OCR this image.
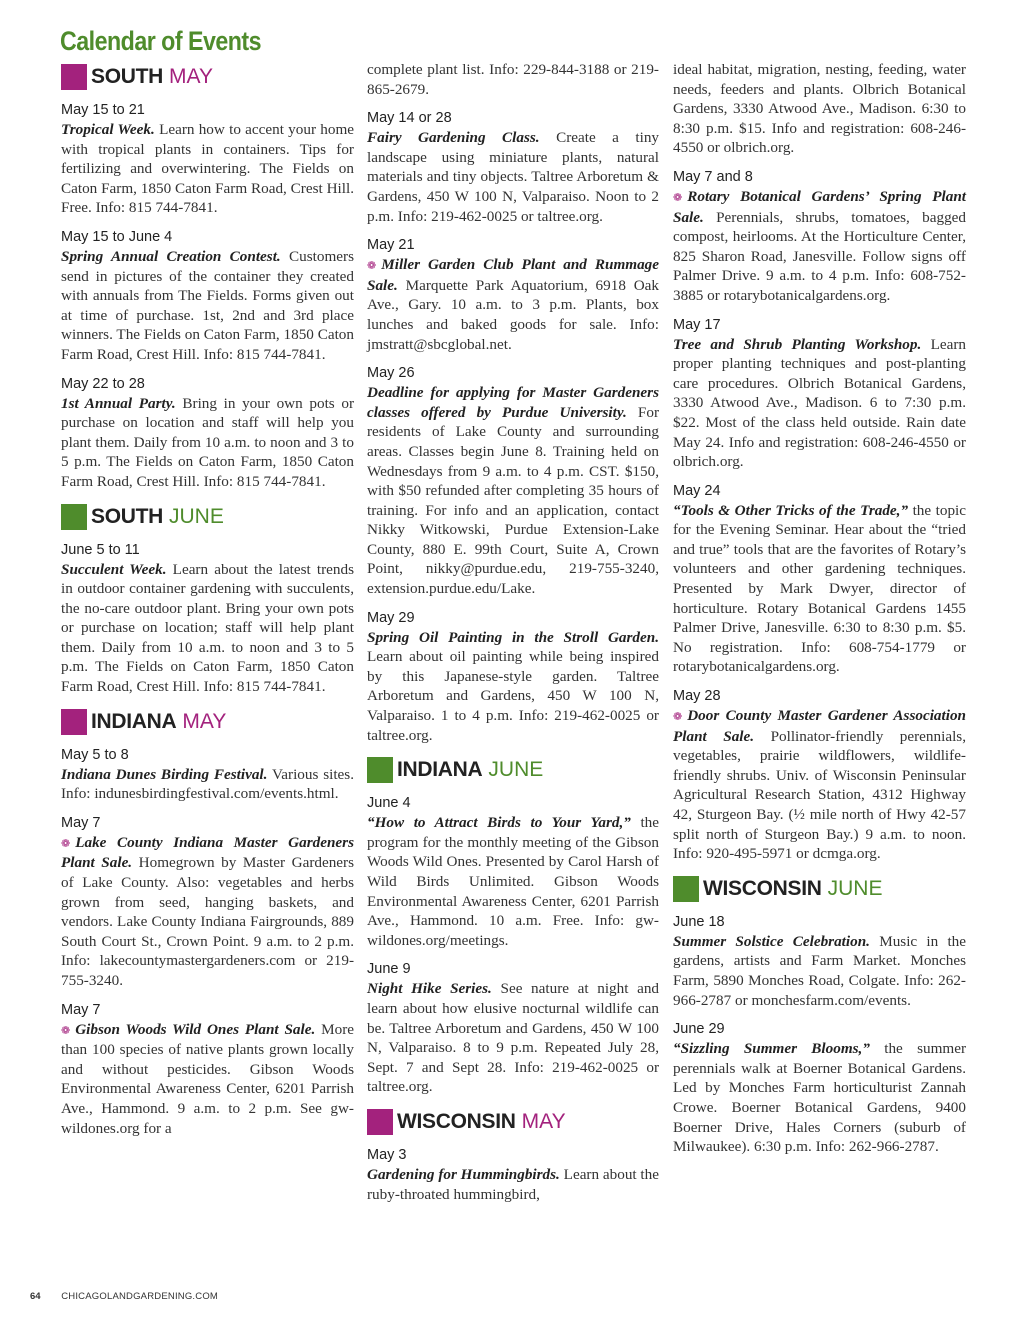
Calendar of Events
SOUTH MAY
May 15 to 21
Tropical Week. Learn how to accent your home with tropical plants in containers. Tips for fertilizing and overwintering. The Fields on Caton Farm, 1850 Caton Farm Road, Crest Hill. Free. Info: 815 744-7841.
May 15 to June 4
Spring Annual Creation Contest. Customers send in pictures of the container they created with annuals from The Fields. Forms given out at time of purchase. 1st, 2nd and 3rd place winners. The Fields on Caton Farm, 1850 Caton Farm Road, Crest Hill. Info: 815 744-7841.
May 22 to 28
1st Annual Party. Bring in your own pots or purchase on location and staff will help you plant them. Daily from 10 a.m. to noon and 3 to 5 p.m. The Fields on Caton Farm, 1850 Caton Farm Road, Crest Hill. Info: 815 744-7841.
SOUTH JUNE
June 5 to 11
Succulent Week. Learn about the latest trends in outdoor container gardening with succulents, the no-care outdoor plant. Bring your own pots or purchase on location; staff will help plant them. Daily from 10 a.m. to noon and 3 to 5 p.m. The Fields on Caton Farm, 1850 Caton Farm Road, Crest Hill. Info: 815 744-7841.
INDIANA MAY
May 5 to 8
Indiana Dunes Birding Festival. Various sites. Info: indunesbirdingfestival.com/events.html.
May 7
❁ Lake County Indiana Master Gardeners Plant Sale. Homegrown by Master Gardeners of Lake County. Also: vegetables and herbs grown from seed, hanging baskets, and vendors. Lake County Indiana Fairgrounds, 889 South Court St., Crown Point. 9 a.m. to 2 p.m. Info: lakecountymastergardeners.com or 219-755-3240.
May 7
❁ Gibson Woods Wild Ones Plant Sale. More than 100 species of native plants grown locally and without pesticides. Gibson Woods Environmental Awareness Center, 6201 Parrish Ave., Hammond. 9 a.m. to 2 p.m. See gw-wildones.org for a
complete plant list. Info: 229-844-3188 or 219-865-2679.
May 14 or 28
Fairy Gardening Class. Create a tiny landscape using miniature plants, natural materials and tiny objects. Taltree Arboretum & Gardens, 450 W 100 N, Valparaiso. Noon to 2 p.m. Info: 219-462-0025 or taltree.org.
May 21
❁ Miller Garden Club Plant and Rummage Sale. Marquette Park Aquatorium, 6918 Oak Ave., Gary. 10 a.m. to 3 p.m. Plants, box lunches and baked goods for sale. Info: jmstratt@sbcglobal.net.
May 26
Deadline for applying for Master Gardeners classes offered by Purdue University. For residents of Lake County and surrounding areas. Classes begin June 8. Training held on Wednesdays from 9 a.m. to 4 p.m. CST. $150, with $50 refunded after completing 35 hours of training. For info and an application, contact Nikky Witkowski, Purdue Extension-Lake County, 880 E. 99th Court, Suite A, Crown Point, nikky@purdue.edu, 219-755-3240, extension.purdue.edu/Lake.
May 29
Spring Oil Painting in the Stroll Garden. Learn about oil painting while being inspired by this Japanese-style garden. Taltree Arboretum and Gardens, 450 W 100 N, Valparaiso. 1 to 4 p.m. Info: 219-462-0025 or taltree.org.
INDIANA JUNE
June 4
“How to Attract Birds to Your Yard,” the program for the monthly meeting of the Gibson Woods Wild Ones. Presented by Carol Harsh of Wild Birds Unlimited. Gibson Woods Environmental Awareness Center, 6201 Parrish Ave., Hammond. 10 a.m. Free. Info: gw-wildones.org/meetings.
June 9
Night Hike Series. See nature at night and learn about how elusive nocturnal wildlife can be. Taltree Arboretum and Gardens, 450 W 100 N, Valparaiso. 8 to 9 p.m. Repeated July 28, Sept. 7 and Sept 28. Info: 219-462-0025 or taltree.org.
WISCONSIN MAY
May 3
Gardening for Hummingbirds. Learn about the ruby-throated hummingbird,
ideal habitat, migration, nesting, feeding, water needs, feeders and plants. Olbrich Botanical Gardens, 3330 Atwood Ave., Madison. 6:30 to 8:30 p.m. $15. Info and registration: 608-246-4550 or olbrich.org.
May 7 and 8
❁ Rotary Botanical Gardens’ Spring Plant Sale. Perennials, shrubs, tomatoes, bagged compost, heirlooms. At the Horticulture Center, 825 Sharon Road, Janesville. Follow signs off Palmer Drive. 9 a.m. to 4 p.m. Info: 608-752-3885 or rotarybotanicalgardens.org.
May 17
Tree and Shrub Planting Workshop. Learn proper planting techniques and post-planting care procedures. Olbrich Botanical Gardens, 3330 Atwood Ave., Madison. 6 to 7:30 p.m. $22. Most of the class held outside. Rain date May 24. Info and registration: 608-246-4550 or olbrich.org.
May 24
“Tools & Other Tricks of the Trade,” the topic for the Evening Seminar. Hear about the “tried and true” tools that are the favorites of Rotary’s volunteers and other gardening techniques. Presented by Mark Dwyer, director of horticulture. Rotary Botanical Gardens 1455 Palmer Drive, Janesville. 6:30 to 8:30 p.m. $5. No registration. Info: 608-754-1779 or rotarybotanicalgardens.org.
May 28
❁ Door County Master Gardener Association Plant Sale. Pollinator-friendly perennials, vegetables, prairie wildflowers, wildlife-friendly shrubs. Univ. of Wisconsin Peninsular Agricultural Research Station, 4312 Highway 42, Sturgeon Bay. (½ mile north of Hwy 42-57 split north of Sturgeon Bay.) 9 a.m. to noon. Info: 920-495-5971 or dcmga.org.
WISCONSIN JUNE
June 18
Summer Solstice Celebration. Music in the gardens, artists and Farm Market. Monches Farm, 5890 Monches Road, Colgate. Info: 262-966-2787 or monchesfarm.com/events.
June 29
“Sizzling Summer Blooms,” the summer perennials walk at Boerner Botanical Gardens. Led by Monches Farm horticulturist Zannah Crowe. Boerner Botanical Gardens, 9400 Boerner Drive, Hales Corners (suburb of Milwaukee). 6:30 p.m. Info: 262-966-2787.
64 CHICAGOLANDGARDENING.COM
